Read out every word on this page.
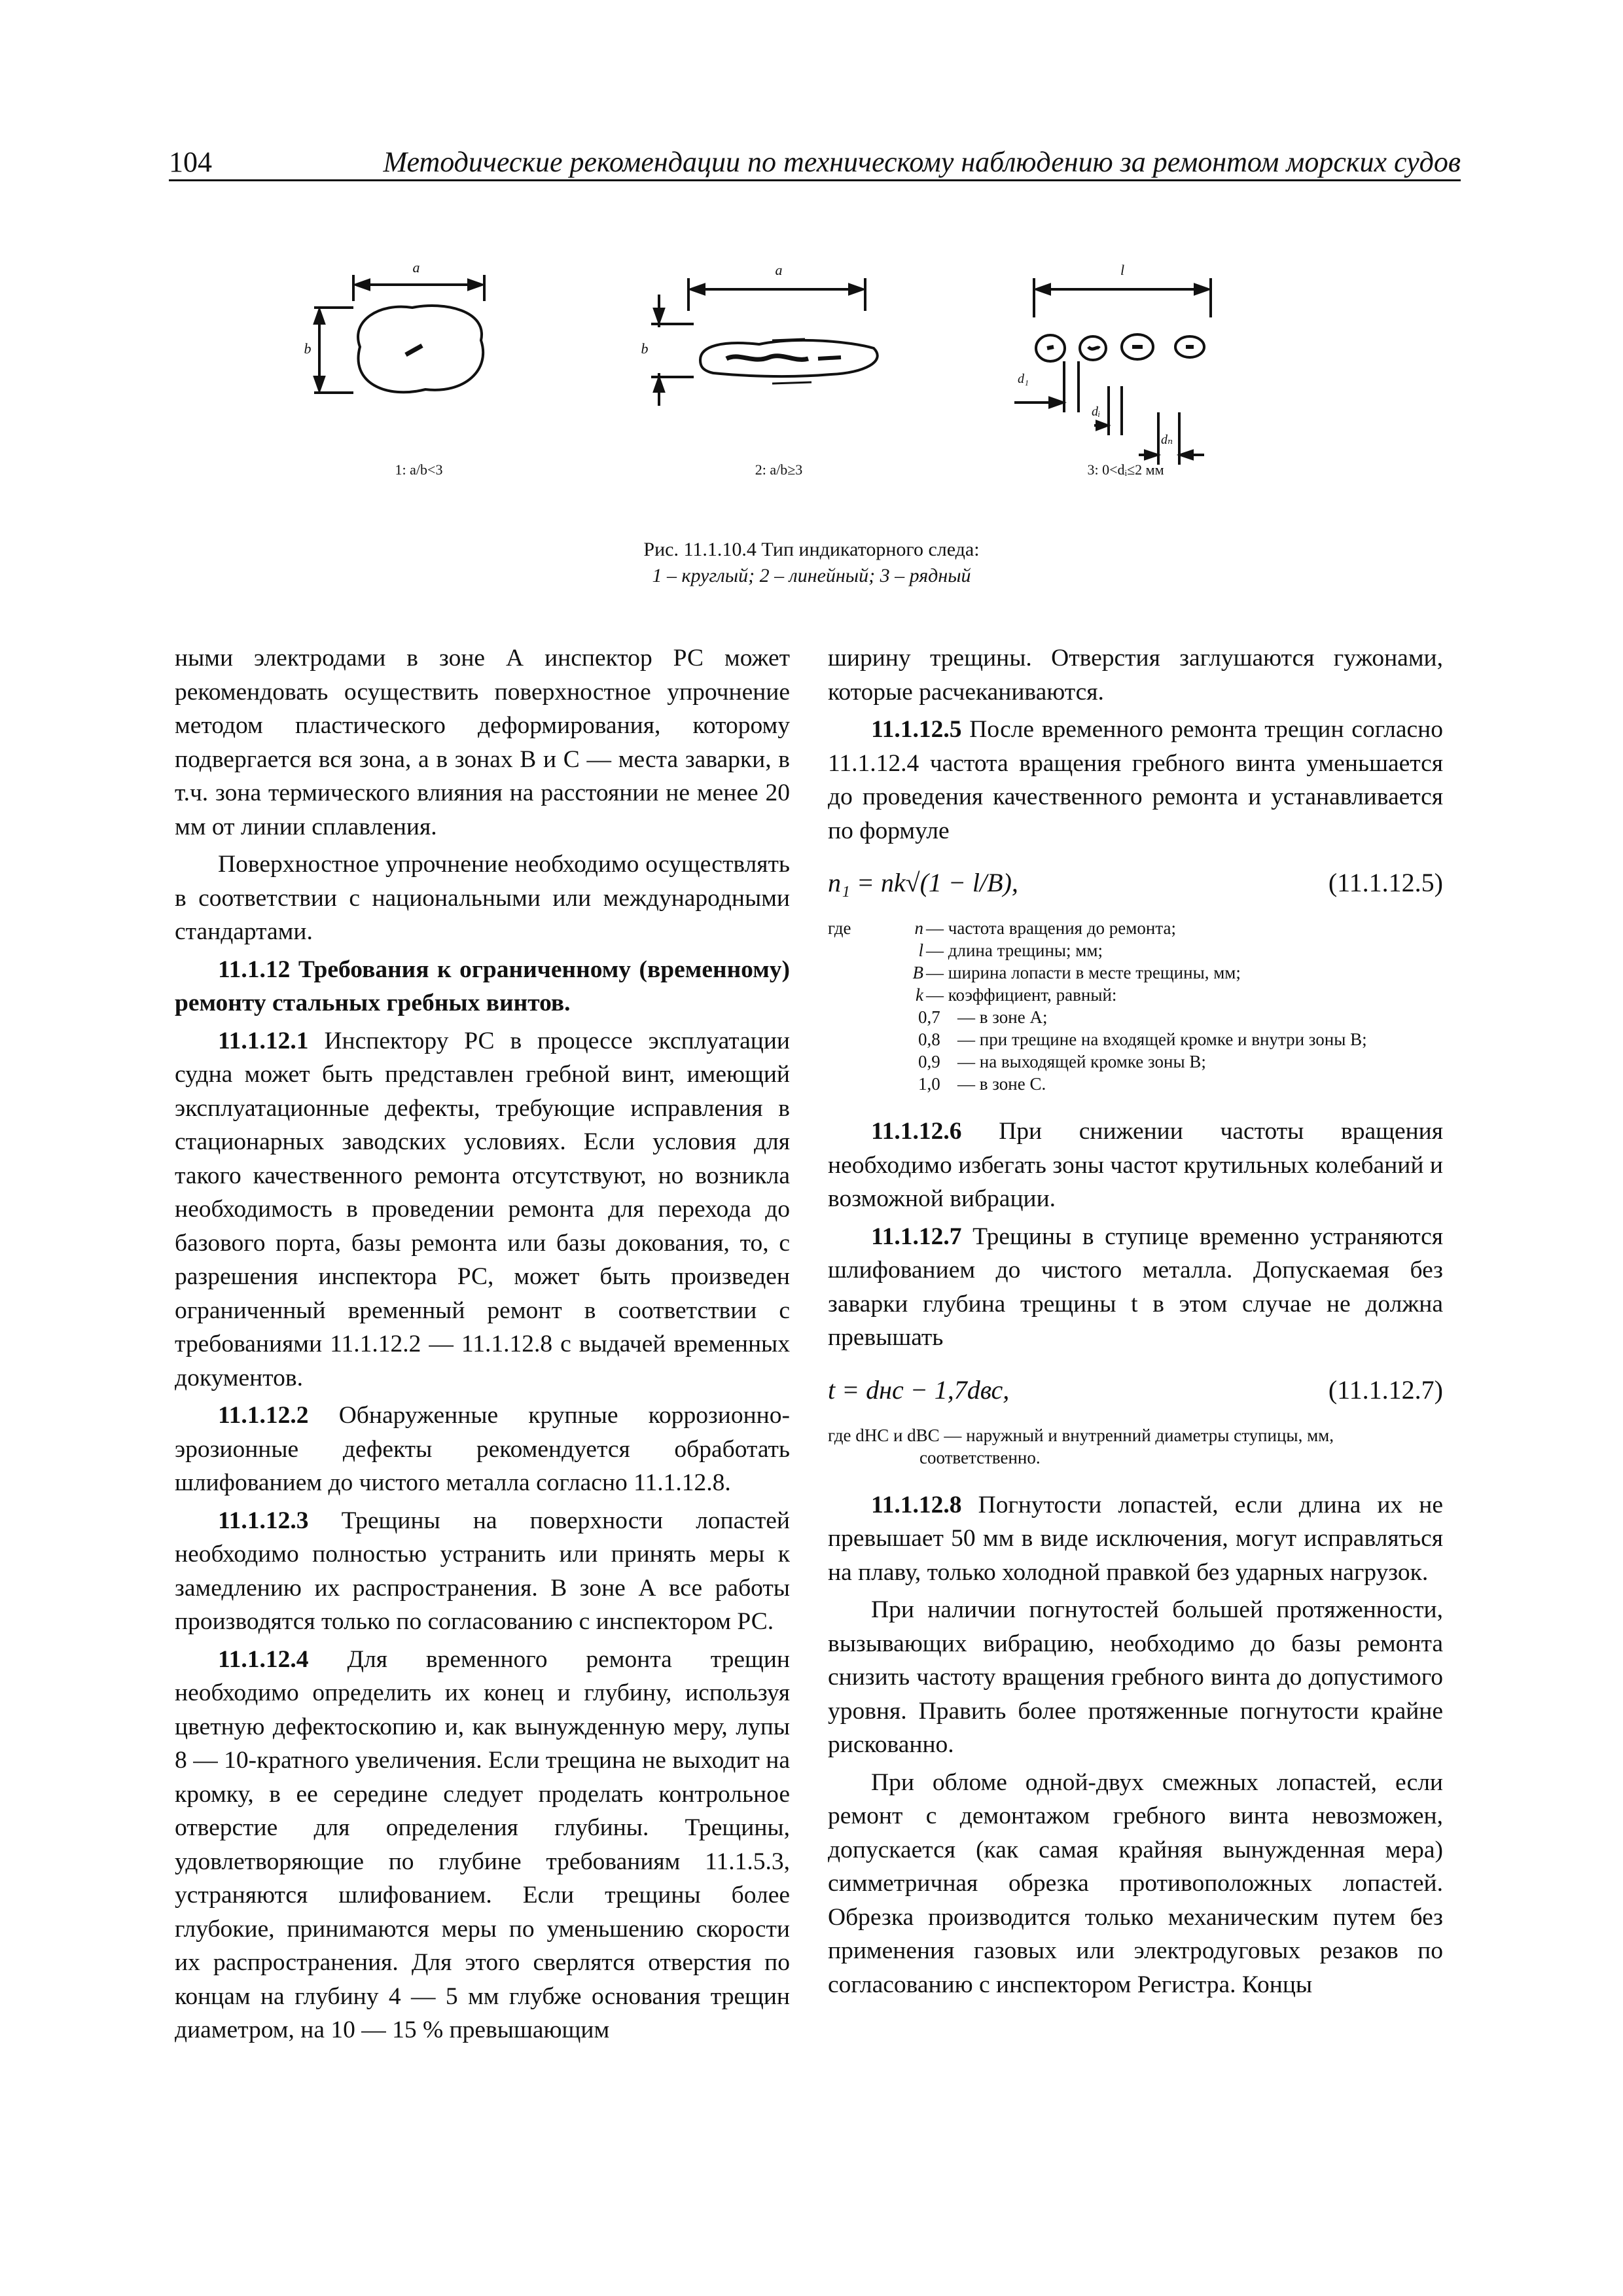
104	Методические рекомендации по техническому наблюдению за ремонтом морских судов
a
b
a
b
l
d₁
dᵢ
dₙ
1: a/b<3	2: a/b≥3	3: 0<dᵢ≤2 мм
Рис. 11.1.10.4 Тип индикаторного следа:
1 – круглый; 2 – линейный; 3 – рядный

ными электродами в зоне А инспектор РС может рекомендовать осуществить поверхностное упрочнение методом пластического деформирования, которому подвергается вся зона, а в зонах В и С — места заварки, в т.ч. зона термического влияния на расстоянии не менее 20 мм от линии сплавления.

Поверхностное упрочнение необходимо осуществлять в соответствии с национальными или международными стандартами.

11.1.12 Требования к ограниченному (временному) ремонту стальных гребных винтов.

11.1.12.1 Инспектору РС в процессе эксплуатации судна может быть представлен гребной винт, имеющий эксплуатационные дефекты, требующие исправления в стационарных заводских условиях. Если условия для такого качественного ремонта отсутствуют, но возникла необходимость в проведении ремонта для перехода до базового порта, базы ремонта или базы докования, то, с разрешения инспектора РС, может быть произведен ограниченный временный ремонт в соответствии с требованиями 11.1.12.2 — 11.1.12.8 с выдачей временных документов.

11.1.12.2 Обнаруженные крупные коррозионно-эрозионные дефекты рекомендуется обработать шлифованием до чистого металла согласно 11.1.12.8.

11.1.12.3 Трещины на поверхности лопастей необходимо полностью устранить или принять меры к замедлению их распространения. В зоне А все работы производятся только по согласованию с инспектором РС.

11.1.12.4 Для временного ремонта трещин необходимо определить их конец и глубину, используя цветную дефектоскопию и, как вынужденную меру, лупы 8 — 10-кратного увеличения. Если трещина не выходит на кромку, в ее середине следует проделать контрольное отверстие для определения глубины. Трещины, удовлетворяющие по глубине требованиям 11.1.5.3, устраняются шлифованием. Если трещины более глубокие, принимаются меры по уменьшению скорости их распространения. Для этого сверлятся отверстия по концам на глубину 4 — 5 мм глубже основания трещин диаметром, на 10 — 15 % превышающим

ширину трещины. Отверстия заглушаются гужонами, которые расчеканиваются.

11.1.12.5 После временного ремонта трещин согласно 11.1.12.4 частота вращения гребного винта уменьшается до проведения качественного ремонта и устанавливается по формуле

n₁ = nk√(1 − l/B),	(11.1.12.5)
где	n — частота вращения до ремонта;
l — длина трещины; мм;
B — ширина лопасти в месте трещины, мм;
k — коэффициент, равный:
0,7 — в зоне А;
0,8 — при трещине на входящей кромке и внутри зоны В;
0,9 — на выходящей кромке зоны В;
1,0 — в зоне С.

11.1.12.6 При снижении частоты вращения необходимо избегать зоны частот крутильных колебаний и возможной вибрации.

11.1.12.7 Трещины в ступице временно устраняются шлифованием до чистого металла. Допускаемая без заварки глубина трещины t в этом случае не должна превышать

t = dнс − 1,7dвс,	(11.1.12.7)
где dНС и dВС — наружный и внутренний диаметры ступицы, мм,
соответственно.

11.1.12.8 Погнутости лопастей, если длина их не превышает 50 мм в виде исключения, могут исправляться на плаву, только холодной правкой без ударных нагрузок.

При наличии погнутостей большей протяженности, вызывающих вибрацию, необходимо до базы ремонта снизить частоту вращения гребного винта до допустимого уровня. Править более протяженные погнутости крайне рискованно.

При обломе одной-двух смежных лопастей, если ремонт с демонтажом гребного винта невозможен, допускается (как самая крайняя вынужденная мера) симметричная обрезка противоположных лопастей. Обрезка производится только механическим путем без применения газовых или электродуговых резаков по согласованию с инспектором Регистра. Концы
